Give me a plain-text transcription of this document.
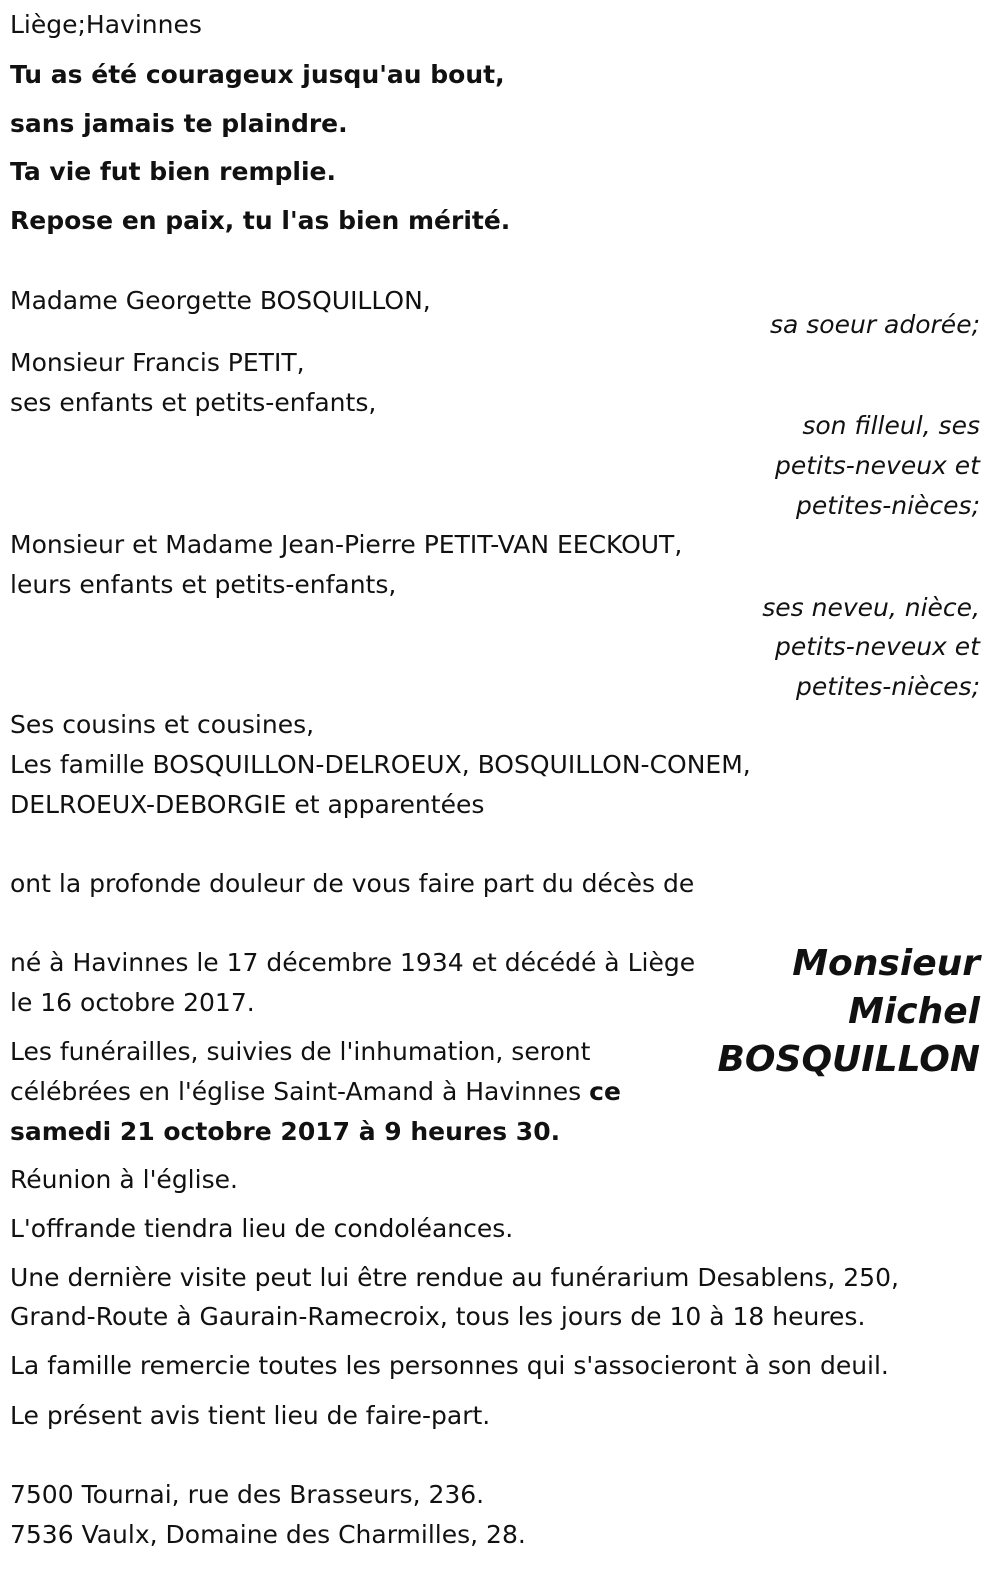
Liège;Havinnes
Tu as été courageux jusqu'au bout,
sans jamais te plaindre.
Ta vie fut bien remplie.
Repose en paix, tu l'as bien mérité.
Madame Georgette BOSQUILLON,
sa soeur adorée;
Monsieur Francis PETIT,
ses enfants et petits-enfants,
son filleul, ses
petits-neveux et
petites-nièces;
Monsieur et Madame Jean-Pierre PETIT-VAN EECKOUT,
leurs enfants et petits-enfants,
ses neveu, nièce,
petits-neveux et
petites-nièces;
Ses cousins et cousines,
Les famille BOSQUILLON-DELROEUX, BOSQUILLON-CONEM,
DELROEUX-DEBORGIE et apparentées
ont la profonde douleur de vous faire part du décès de
Monsieur
Michel
BOSQUILLON
né à Havinnes le 17 décembre 1934 et décédé à Liège
le 16 octobre 2017.
Les funérailles, suivies de l'inhumation, seront
célébrées en l'église Saint-Amand à Havinnes ce
samedi 21 octobre 2017 à 9 heures 30.
Réunion à l'église.
L'offrande tiendra lieu de condoléances.
Une dernière visite peut lui être rendue au funérarium Desablens, 250,
Grand-Route à Gaurain-Ramecroix, tous les jours de 10 à 18 heures.
La famille remercie toutes les personnes qui s'associeront à son deuil.
Le présent avis tient lieu de faire-part.
7500 Tournai, rue des Brasseurs, 236.
7536 Vaulx, Domaine des Charmilles, 28.
